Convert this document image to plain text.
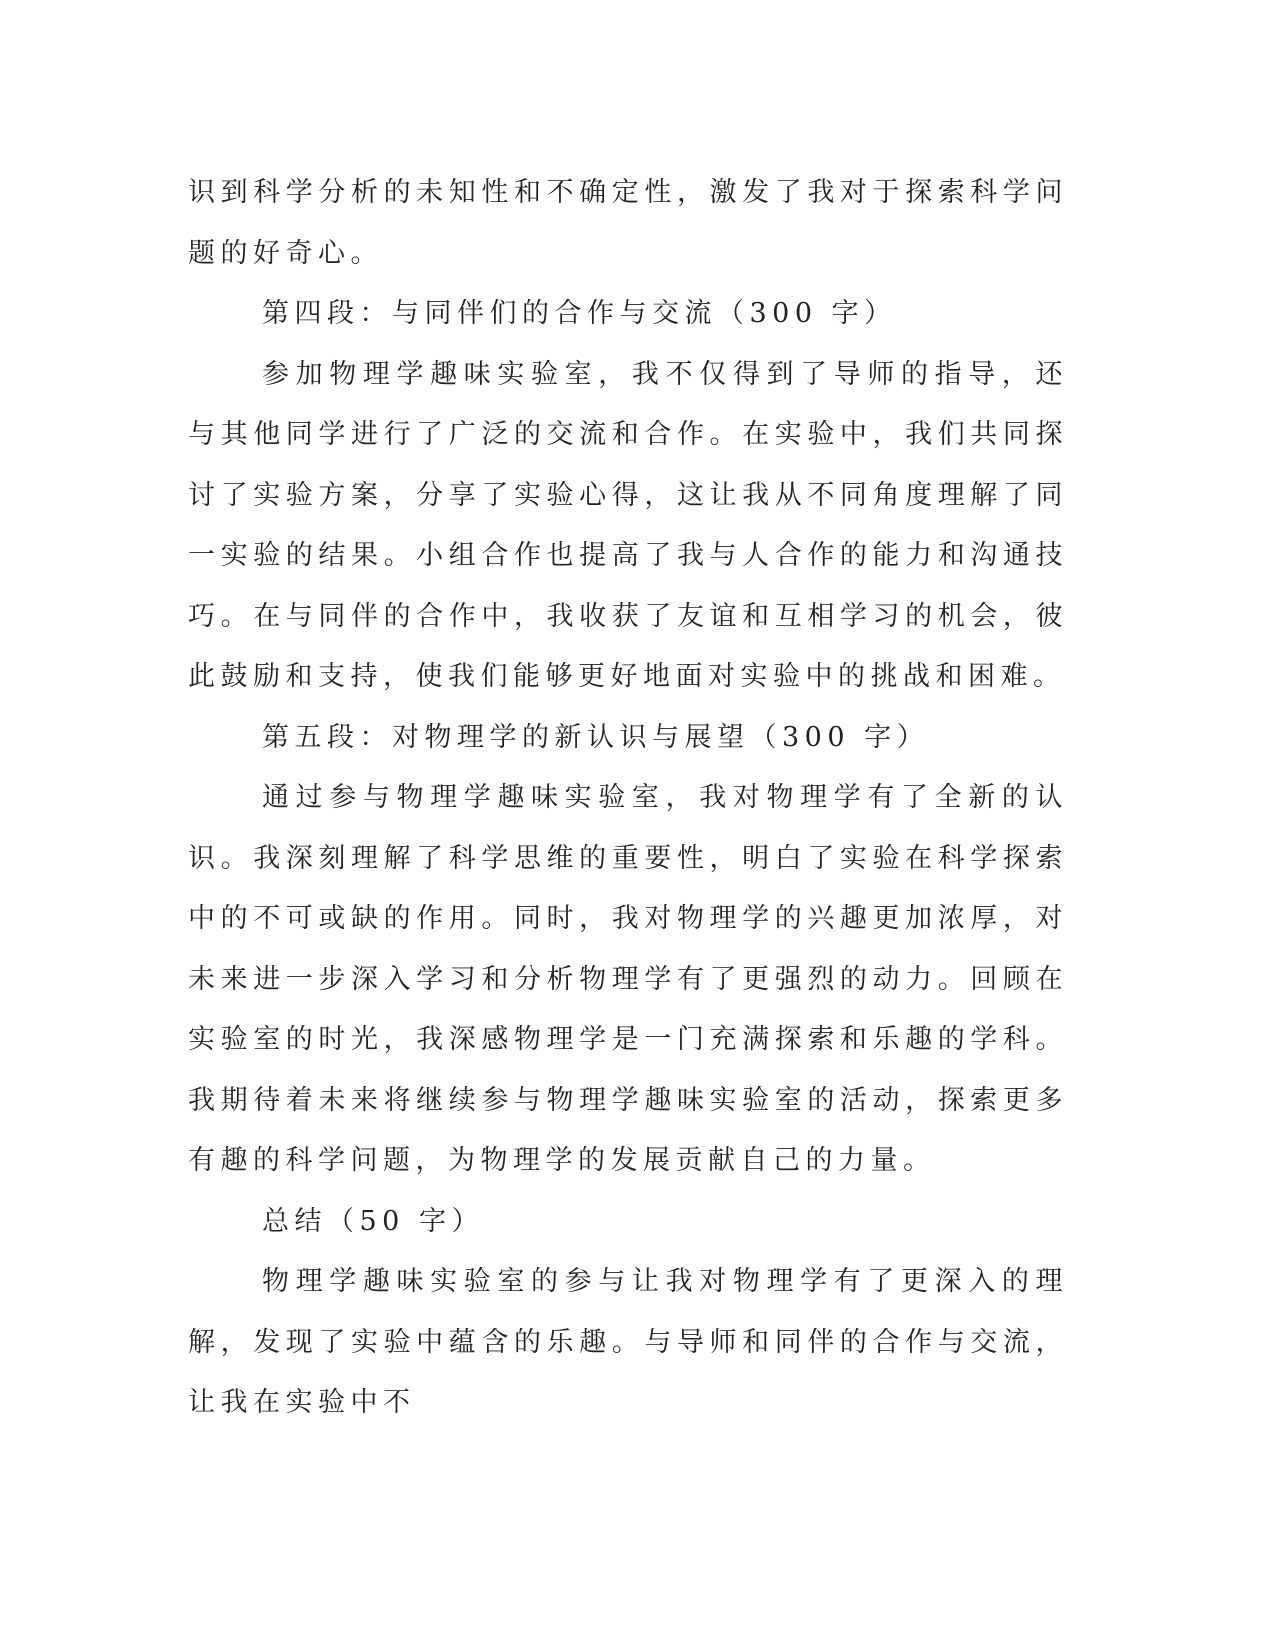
识到科学分析的未知性和不确定性，激发了我对于探索科学问题的好奇心。

第四段：与同伴们的合作与交流（300 字）

参加物理学趣味实验室，我不仅得到了导师的指导，还与其他同学进行了广泛的交流和合作。在实验中，我们共同探讨了实验方案，分享了实验心得，这让我从不同角度理解了同一实验的结果。小组合作也提高了我与人合作的能力和沟通技巧。在与同伴的合作中，我收获了友谊和互相学习的机会，彼此鼓励和支持，使我们能够更好地面对实验中的挑战和困难。

第五段：对物理学的新认识与展望（300 字）

通过参与物理学趣味实验室，我对物理学有了全新的认识。我深刻理解了科学思维的重要性，明白了实验在科学探索中的不可或缺的作用。同时，我对物理学的兴趣更加浓厚，对未来进一步深入学习和分析物理学有了更强烈的动力。回顾在实验室的时光，我深感物理学是一门充满探索和乐趣的学科。我期待着未来将继续参与物理学趣味实验室的活动，探索更多有趣的科学问题，为物理学的发展贡献自己的力量。

总结（50 字）

物理学趣味实验室的参与让我对物理学有了更深入的理解，发现了实验中蕴含的乐趣。与导师和同伴的合作与交流，让我在实验中不
